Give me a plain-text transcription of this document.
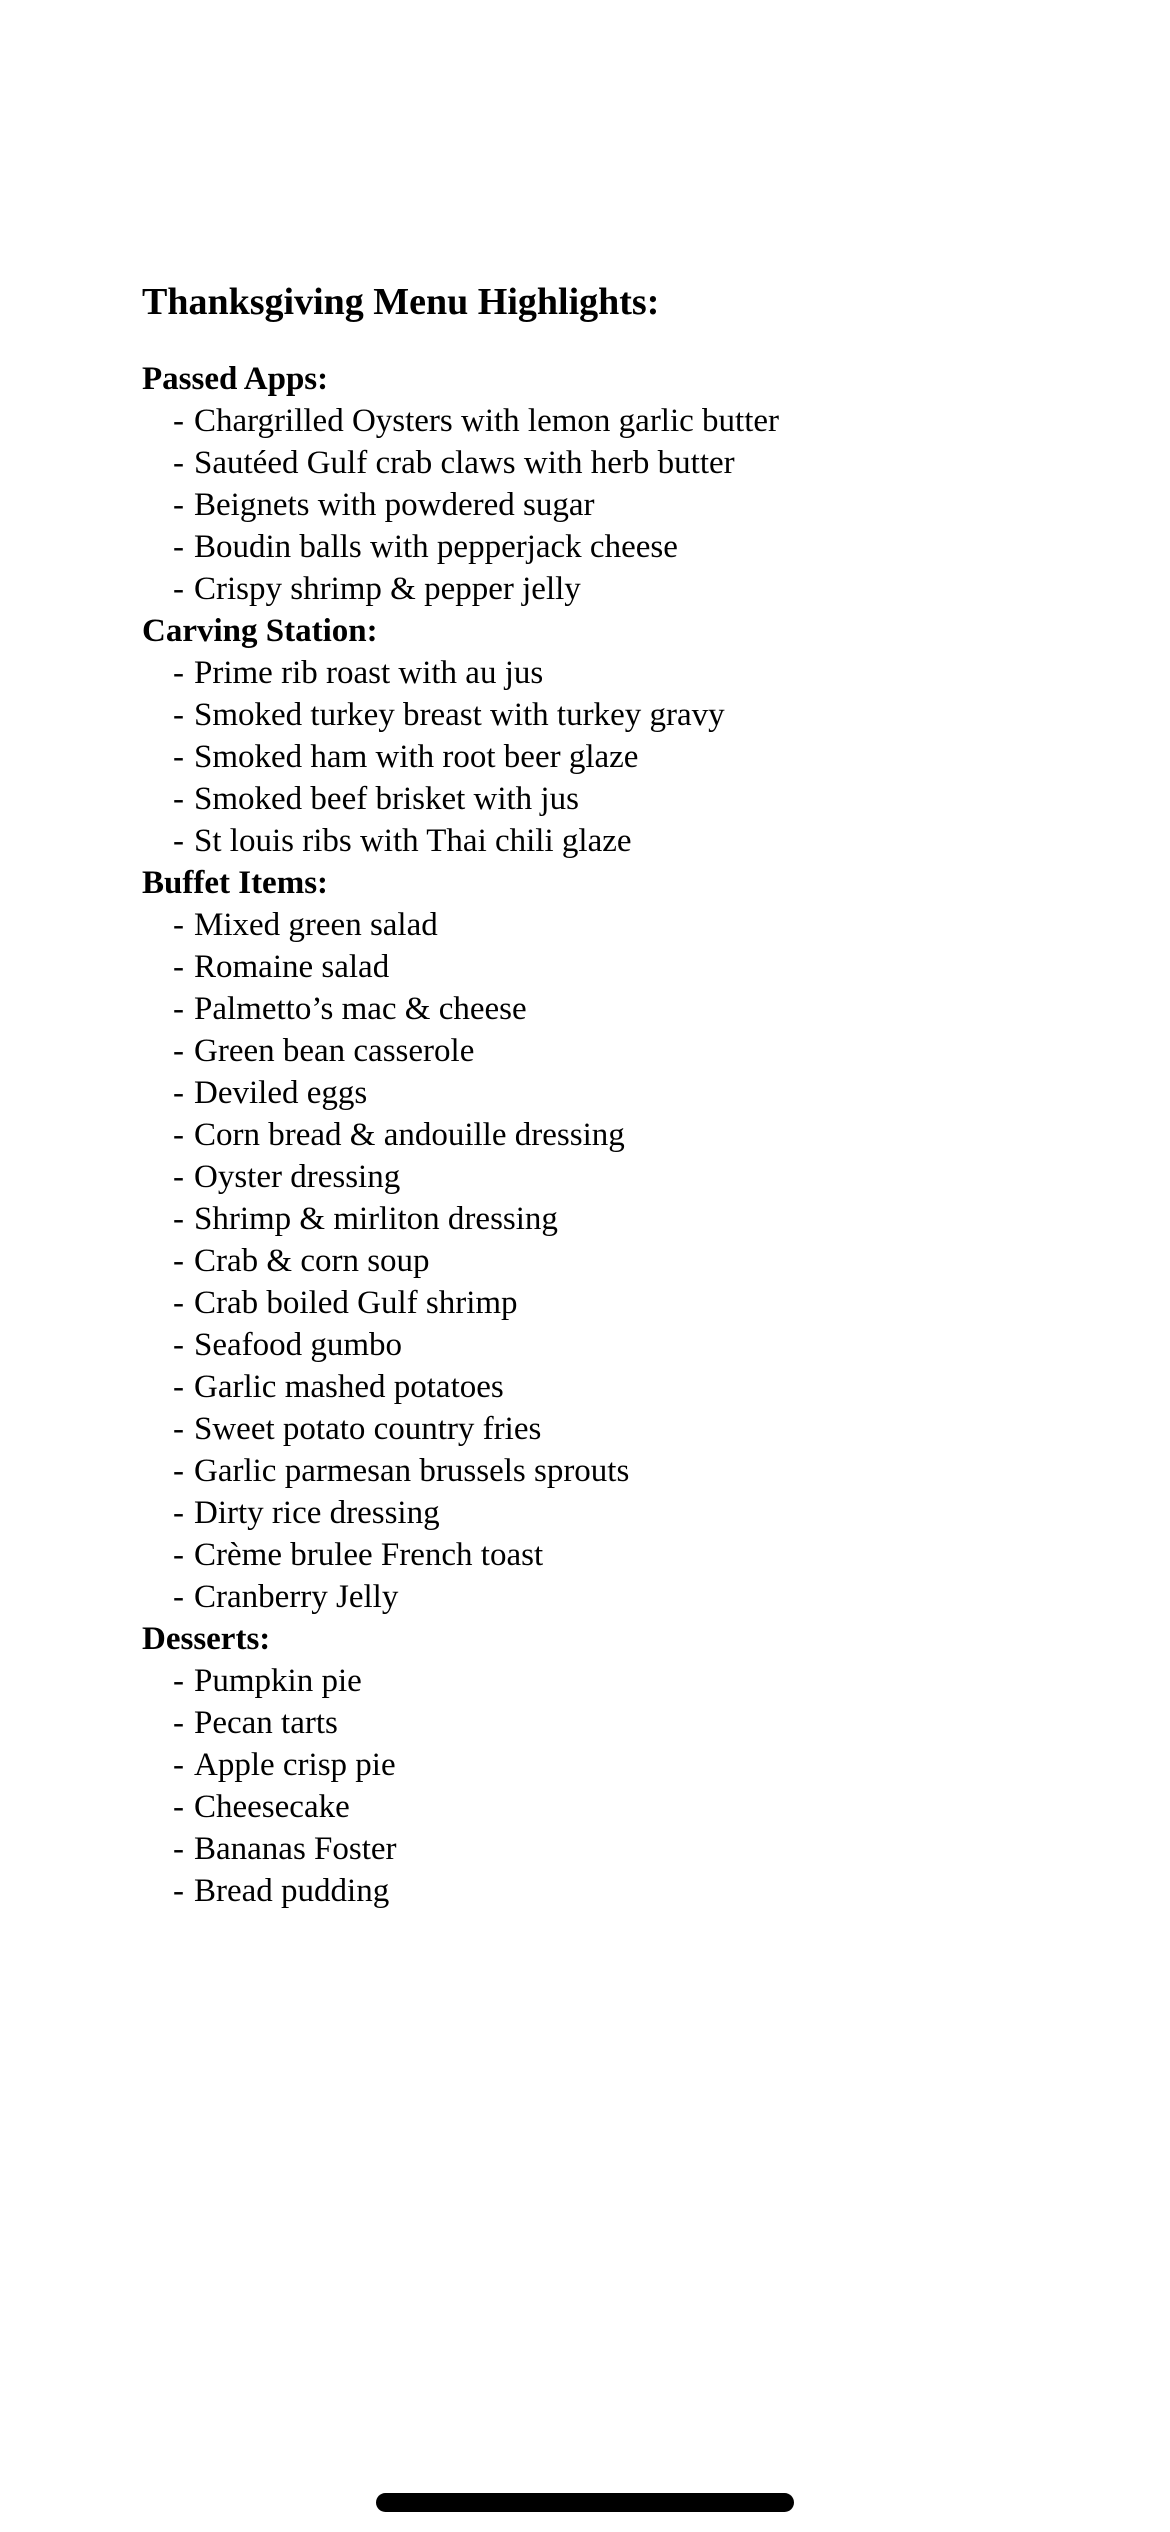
Thanksgiving Menu Highlights:
Passed Apps:
- Chargrilled Oysters with lemon garlic butter
- Sautéed Gulf crab claws with herb butter
- Beignets with powdered sugar
- Boudin balls with pepperjack cheese
- Crispy shrimp & pepper jelly
Carving Station:
- Prime rib roast with au jus
- Smoked turkey breast with turkey gravy
- Smoked ham with root beer glaze
- Smoked beef brisket with jus
- St louis ribs with Thai chili glaze
Buffet Items:
- Mixed green salad
- Romaine salad
- Palmetto’s mac & cheese
- Green bean casserole
- Deviled eggs
- Corn bread & andouille dressing
- Oyster dressing
- Shrimp & mirliton dressing
- Crab & corn soup
- Crab boiled Gulf shrimp
- Seafood gumbo
- Garlic mashed potatoes
- Sweet potato country fries
- Garlic parmesan brussels sprouts
- Dirty rice dressing
- Crème brulee French toast
- Cranberry Jelly
Desserts:
- Pumpkin pie
- Pecan tarts
- Apple crisp pie
- Cheesecake
- Bananas Foster
- Bread pudding
